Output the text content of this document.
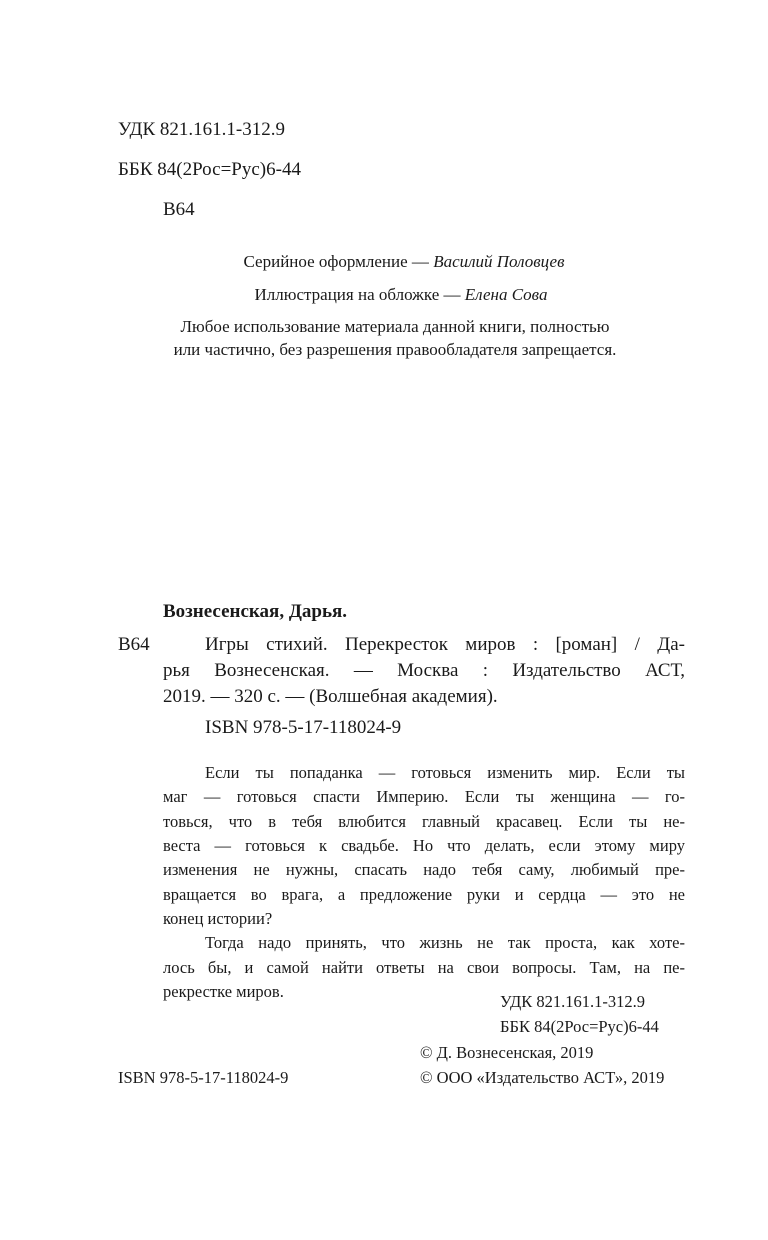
УДК 821.161.1-312.9
ББК 84(2Рос=Рус)6-44
В64
Серийное оформление — Василий Половцев
Иллюстрация на обложке — Елена Сова
Любое использование материала данной книги, полностью
или частично, без разрешения правообладателя запрещается.
Вознесенская, Дарья.
В64	Игры стихий. Перекресток миров : [роман] / Да-
рья Вознесенская. — Москва : Издательство АСТ,
2019. — 320 с. — (Волшебная академия).
ISBN 978-5-17-118024-9
Если ты попаданка — готовься изменить мир. Если ты
маг — готовься спасти Империю. Если ты женщина — го-
товься, что в тебя влюбится главный красавец. Если ты не-
веста — готовься к свадьбе. Но что делать, если этому миру
изменения не нужны, спасать надо тебя саму, любимый пре-
вращается во врага, а предложение руки и сердца — это не
конец истории?
Тогда надо принять, что жизнь не так проста, как хоте-
лось бы, и самой найти ответы на свои вопросы. Там, на пе-
рекрестке миров.
УДК 821.161.1-312.9
ББК 84(2Рос=Рус)6-44
© Д. Вознесенская, 2019
© ООО «Издательство АСТ», 2019
ISBN 978-5-17-118024-9
